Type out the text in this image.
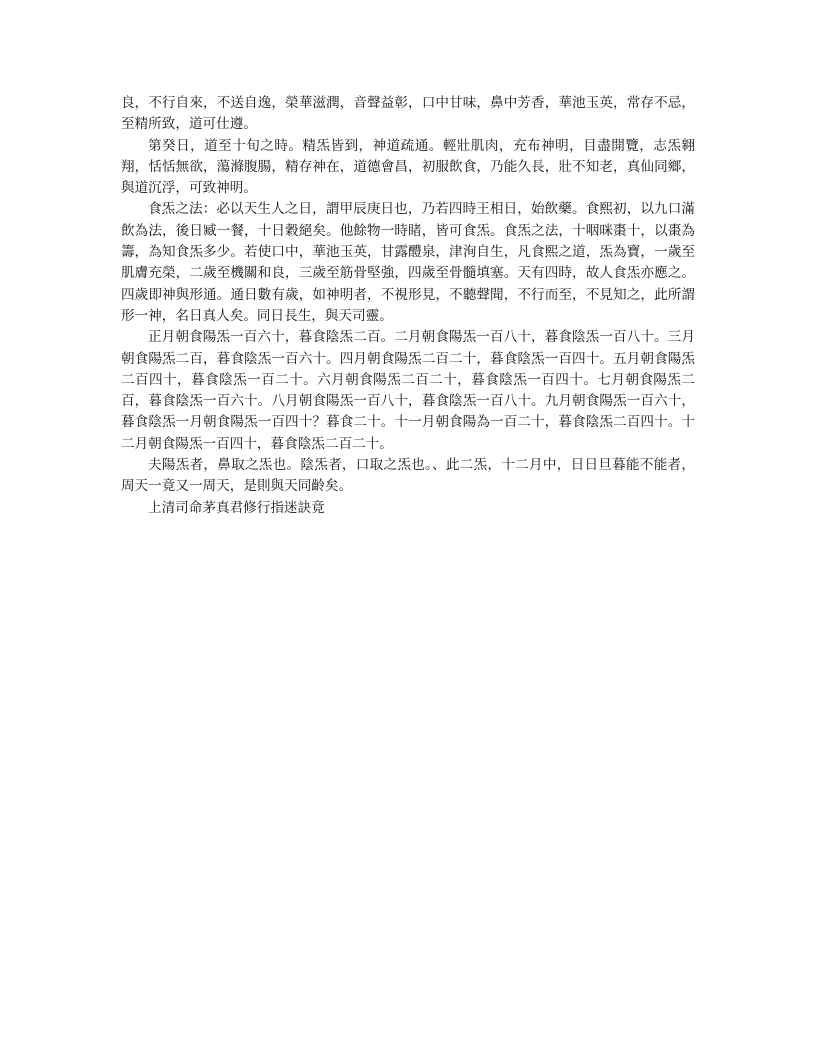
良，不行自來，不送自逸，榮華滋潤，音聲益彰，口中甘味，鼻中芳香，華池玉英，常存不忌，至精所致，道可仕遵。

第癸日，道至十旬之時。精炁皆到，神道疏通。輕壯肌肉，充布神明，目盡開覽，志炁翱翔，恬恬無欲，蕩滌腹腸，精存神在，道德會昌，初服飲食，乃能久長，壯不知老，真仙同鄉，與道沉浮，可致神明。

食炁之法：必以天生人之日，謂甲辰庚日也，乃若四時王相日，始飲藥。食熙初，以九口滿飲為法，後日臧一餐，十日穀絕矣。他餘物一時睹，皆可食炁。食炁之法，十咽咪棗十，以棗為籌，為知食炁多少。若使口中，華池玉英，甘露醴泉，津洵自生，凡食熙之道，炁為寶，一歲至肌膚充榮，二歲至機關和良，三歲至筋骨堅強，四歲至骨髓填塞。天有四時，故人食炁亦應之。四歲即神與形通。通日數有歲，如神明者，不視形見，不聽聲聞，不行而至，不見知之，此所謂形一神，名日真人矣。同日長生，與天司靈。

正月朝食陽炁一百六十，暮食陰炁二百。二月朝食陽炁一百八十，暮食陰炁一百八十。三月朝食陽炁二百，暮食陰炁一百六十。四月朝食陽炁二百二十，暮食陰炁一百四十。五月朝食陽炁二百四十，暮食陰炁一百二十。六月朝食陽炁二百二十，暮食陰炁一百四十。七月朝食陽炁二百，暮食陰炁一百六十。八月朝食陽炁一百八十，暮食陰炁一百八十。九月朝食陽炁一百六十，暮食陰炁一月朝食陽炁一百四十？暮食二十。十一月朝食陽為一百二十，暮食陰炁二百四十。十二月朝食陽炁一百四十，暮食陰炁二百二十。

夫陽炁者，鼻取之炁也。陰炁者，口取之炁也。、此二炁，十二月中，日日旦暮能不能者，周天一竟又一周天，是則與天同齡矣。

上清司命茅真君修行指迷訣竟
